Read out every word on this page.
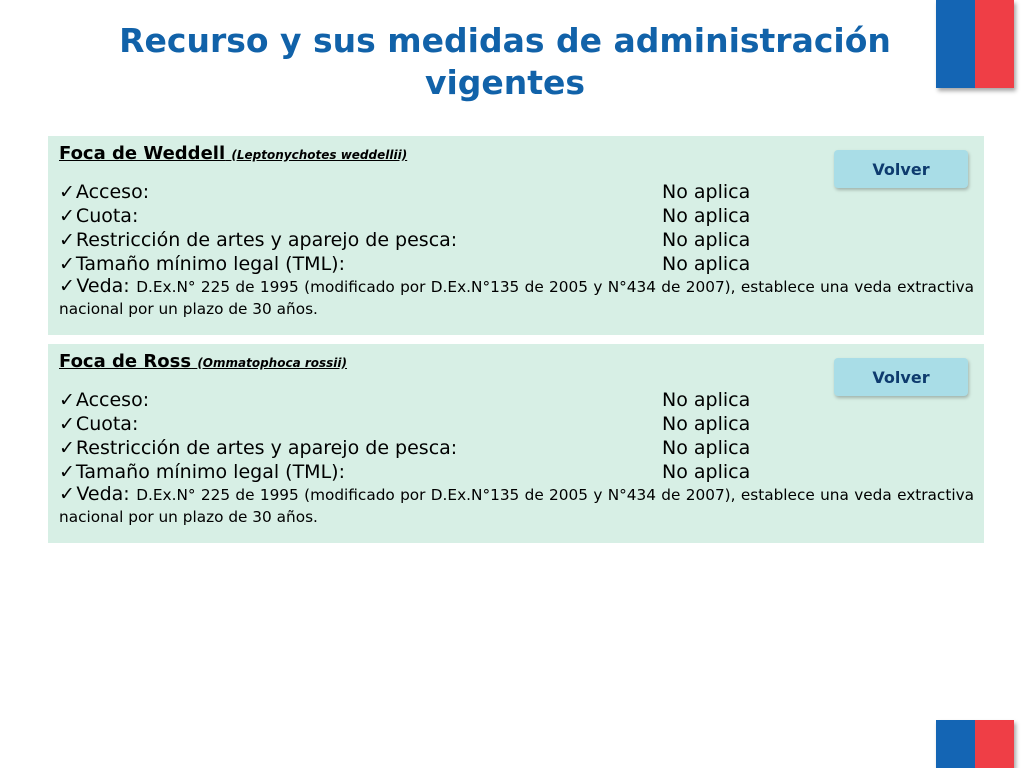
Recurso y sus medidas de administración
vigentes
Foca de Weddell (Leptonychotes weddellii)
Volver
✓Acceso:	No aplica
✓Cuota:	No aplica
✓Restricción de artes y aparejo de pesca:	No aplica
✓Tamaño mínimo legal (TML):	No aplica
✓Veda: D.Ex.N° 225 de 1995 (modificado por D.Ex.N°135 de 2005 y N°434 de 2007), establece una veda extractiva nacional por un plazo de 30 años.
Foca de Ross (Ommatophoca rossii)
Volver
✓Acceso:	No aplica
✓Cuota:	No aplica
✓Restricción de artes y aparejo de pesca:	No aplica
✓Tamaño mínimo legal (TML):	No aplica
✓Veda: D.Ex.N° 225 de 1995 (modificado por D.Ex.N°135 de 2005 y N°434 de 2007), establece una veda extractiva nacional por un plazo de 30 años.
